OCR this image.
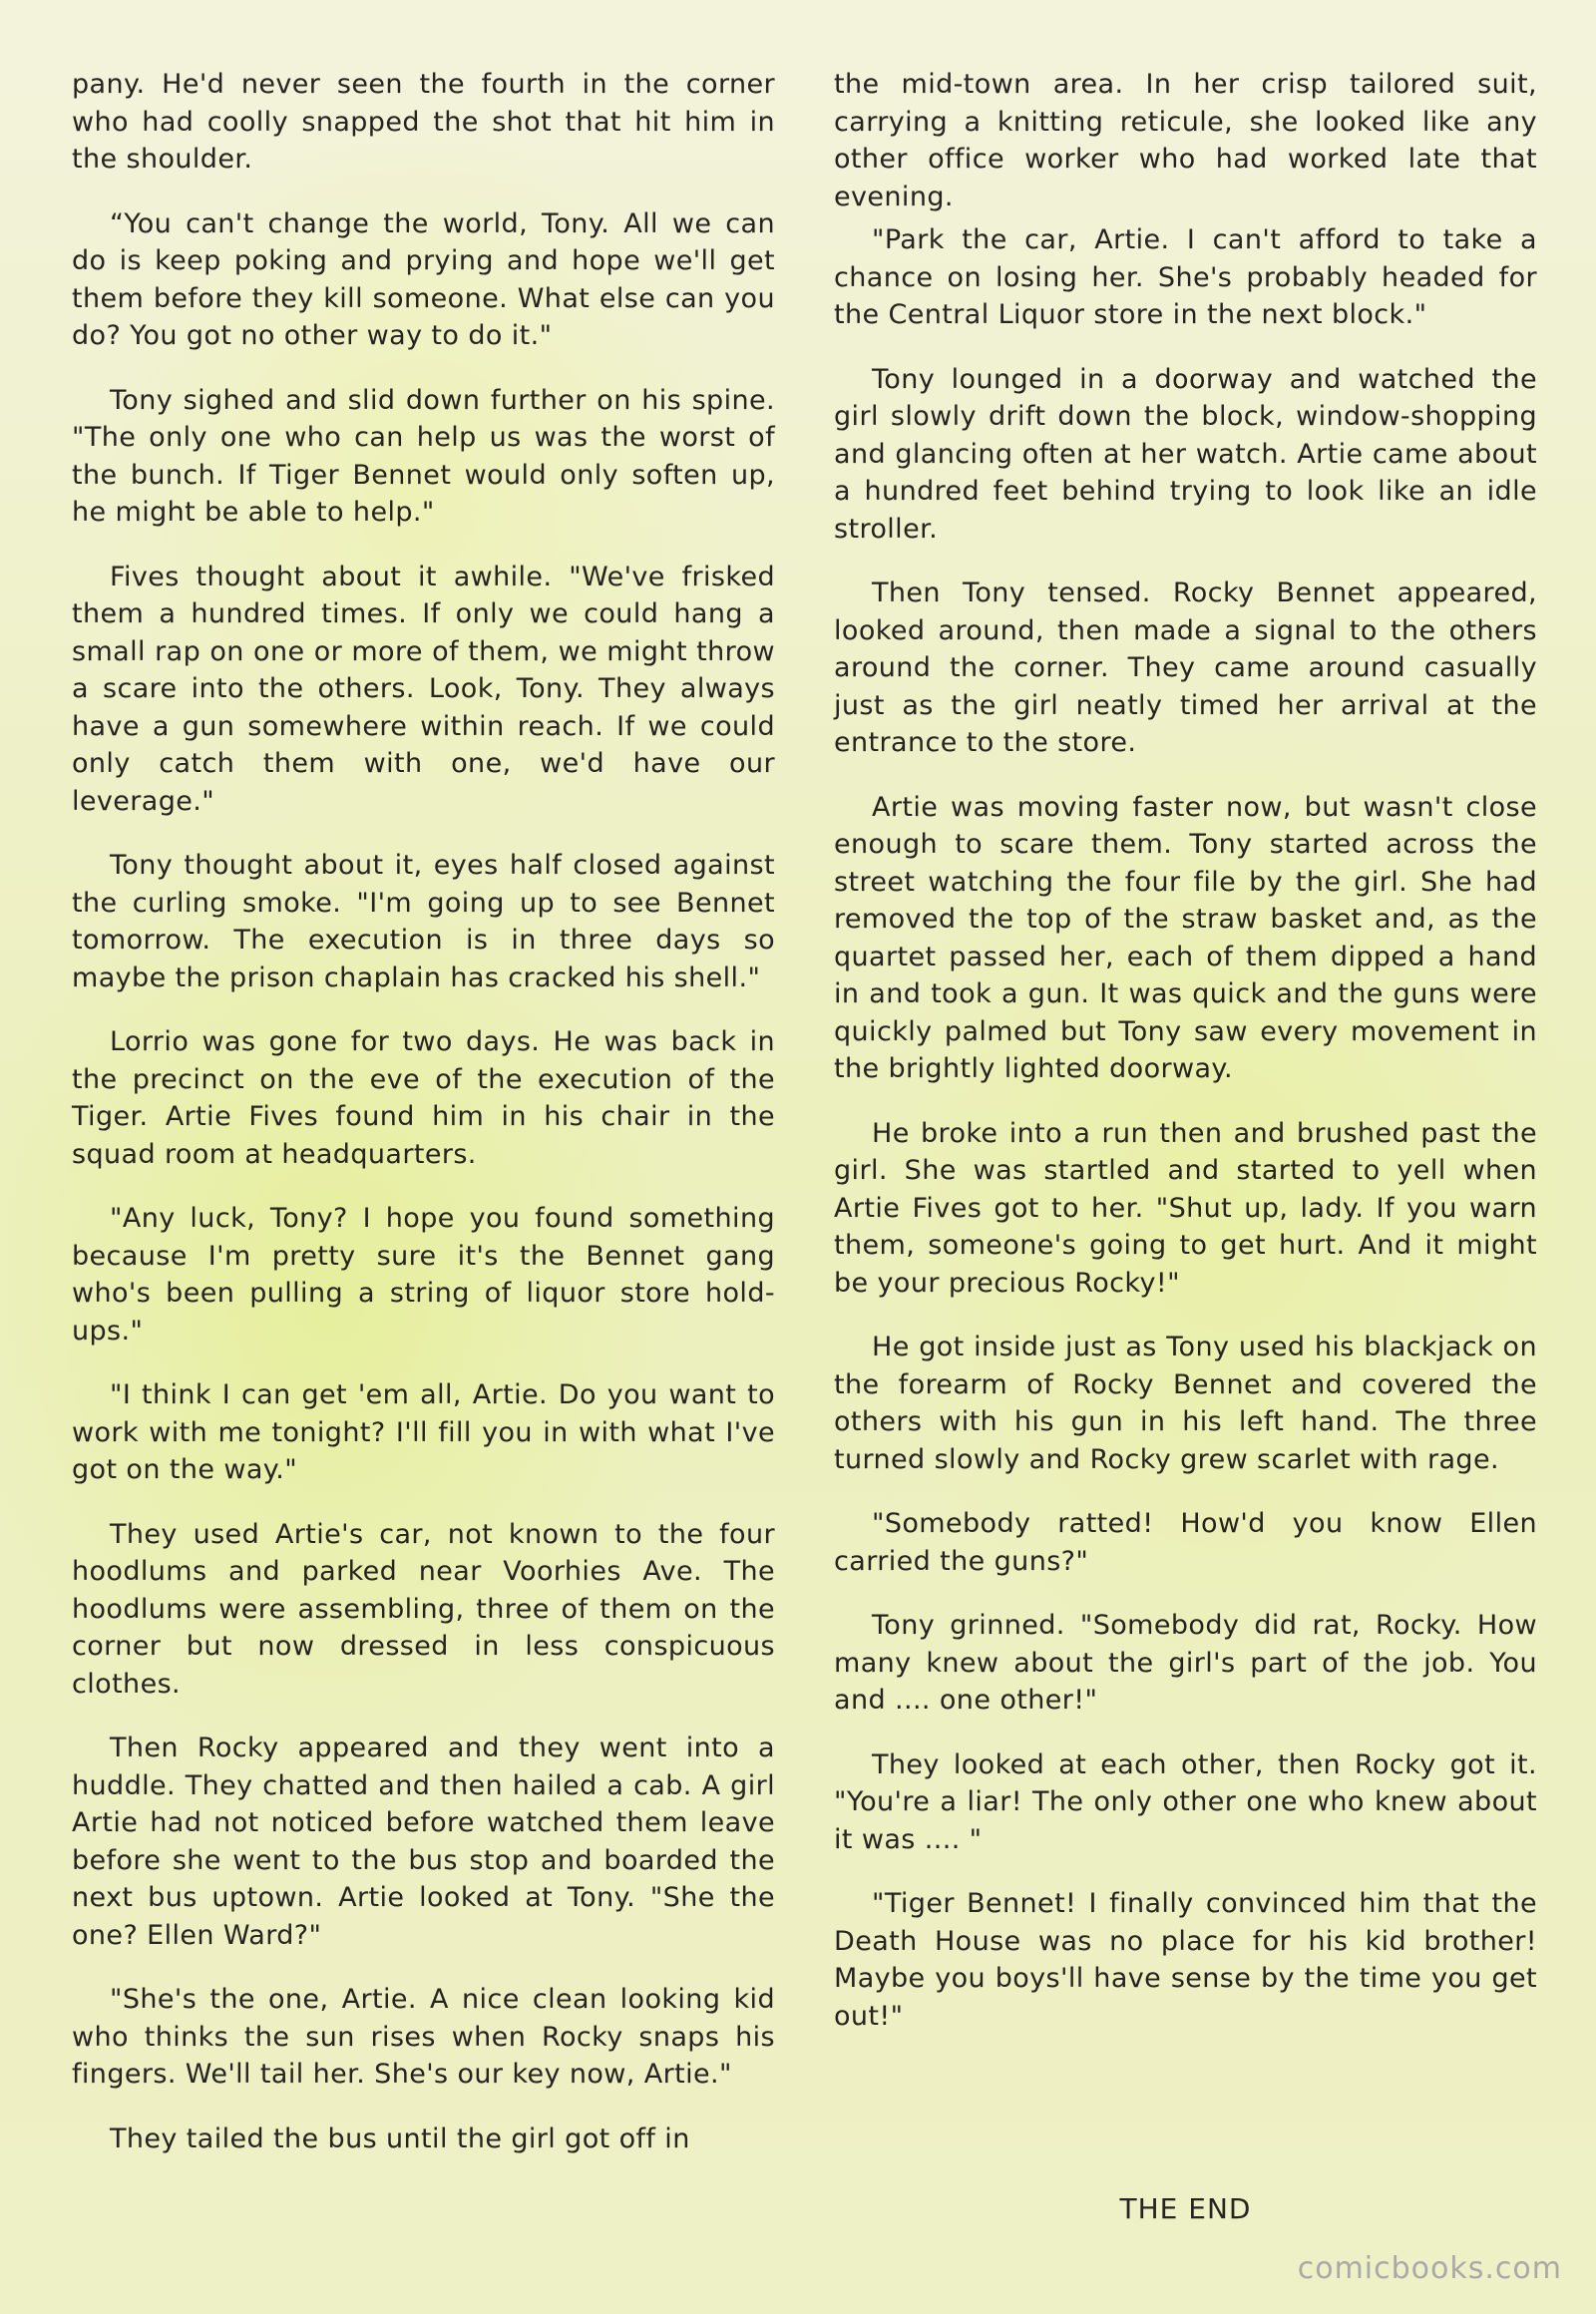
pany. He'd never seen the fourth in the corner who had coolly snapped the shot that hit him in the shoulder.

“You can't change the world, Tony. All we can do is keep poking and prying and hope we'll get them before they kill someone. What else can you do? You got no other way to do it."

Tony sighed and slid down further on his spine. "The only one who can help us was the worst of the bunch. If Tiger Bennet would only soften up, he might be able to help."

Fives thought about it awhile. "We've frisked them a hundred times. If only we could hang a small rap on one or more of them, we might throw a scare into the others. Look, Tony. They always have a gun somewhere within reach. If we could only catch them with one, we'd have our leverage."

Tony thought about it, eyes half closed against the curling smoke. "I'm going up to see Bennet tomorrow. The execution is in three days so maybe the prison chaplain has cracked his shell."

Lorrio was gone for two days. He was back in the precinct on the eve of the execution of the Tiger. Artie Fives found him in his chair in the squad room at headquarters.

"Any luck, Tony? I hope you found something because I'm pretty sure it's the Bennet gang who's been pulling a string of liquor store hold-ups."

"I think I can get 'em all, Artie. Do you want to work with me tonight? I'll fill you in with what I've got on the way."

They used Artie's car, not known to the four hoodlums and parked near Voorhies Ave. The hoodlums were assembling, three of them on the corner but now dressed in less conspicuous clothes.

Then Rocky appeared and they went into a huddle. They chatted and then hailed a cab. A girl Artie had not noticed before watched them leave before she went to the bus stop and boarded the next bus uptown. Artie looked at Tony. "She the one? Ellen Ward?"

"She's the one, Artie. A nice clean looking kid who thinks the sun rises when Rocky snaps his fingers. We'll tail her. She's our key now, Artie."

They tailed the bus until the girl got off in

the mid-town area. In her crisp tailored suit, carrying a knitting reticule, she looked like any other office worker who had worked late that evening.

"Park the car, Artie. I can't afford to take a chance on losing her. She's probably headed for the Central Liquor store in the next block."

Tony lounged in a doorway and watched the girl slowly drift down the block, window-shopping and glancing often at her watch. Artie came about a hundred feet behind trying to look like an idle stroller.

Then Tony tensed. Rocky Bennet appeared, looked around, then made a signal to the others around the corner. They came around casually just as the girl neatly timed her arrival at the entrance to the store.

Artie was moving faster now, but wasn't close enough to scare them. Tony started across the street watching the four file by the girl. She had removed the top of the straw basket and, as the quartet passed her, each of them dipped a hand in and took a gun. It was quick and the guns were quickly palmed but Tony saw every movement in the brightly lighted doorway.

He broke into a run then and brushed past the girl. She was startled and started to yell when Artie Fives got to her. "Shut up, lady. If you warn them, someone's going to get hurt. And it might be your precious Rocky!"

He got inside just as Tony used his blackjack on the forearm of Rocky Bennet and covered the others with his gun in his left hand. The three turned slowly and Rocky grew scarlet with rage.

"Somebody ratted! How'd you know Ellen carried the guns?"

Tony grinned. "Somebody did rat, Rocky. How many knew about the girl's part of the job. You and .... one other!"

They looked at each other, then Rocky got it. "You're a liar! The only other one who knew about it was .... "

"Tiger Bennet! I finally convinced him that the Death House was no place for his kid brother! Maybe you boys'll have sense by the time you get out!"

THE END
comicbooks.com
